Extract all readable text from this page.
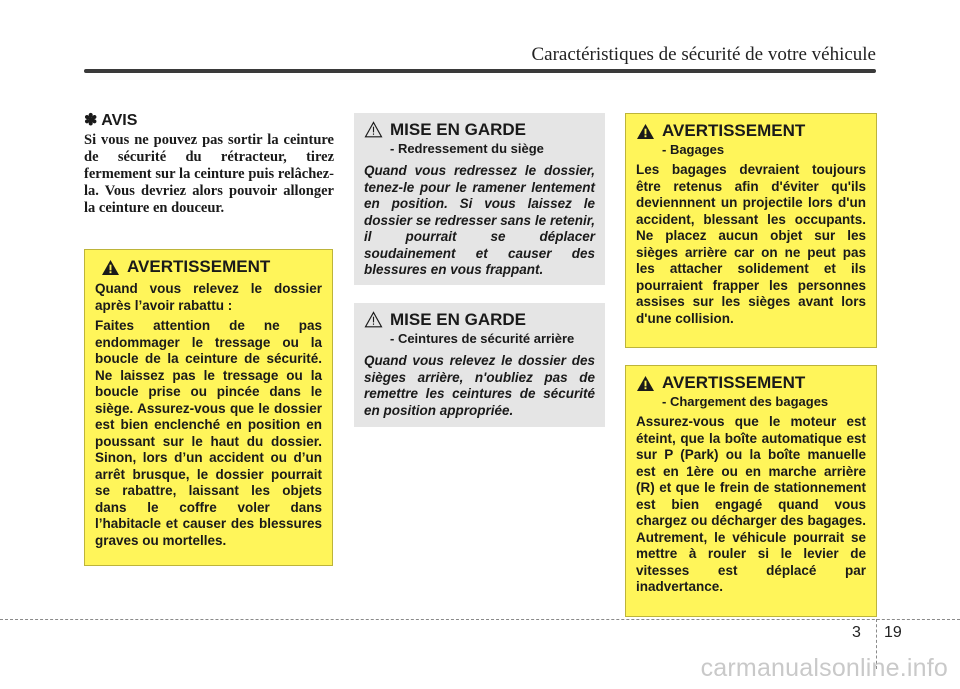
Caractéristiques de sécurité de votre véhicule
✽ AVIS
Si vous ne pouvez pas sortir la ceinture de sécurité du rétracteur, tirez fermement sur la ceinture puis relâchez-la. Vous devriez alors pouvoir allonger la ceinture en douceur.
AVERTISSEMENT

Quand vous relevez le dossier après l’avoir rabattu :

Faites attention de ne pas endommager le tressage ou la boucle de la ceinture de sécurité. Ne laissez pas le tressage ou la boucle prise ou pincée dans le siège. Assurez-vous que le dossier est bien enclenché en position en poussant sur le haut du dossier. Sinon, lors d’un accident ou d’un arrêt brusque, le dossier pourrait se rabattre, laissant les objets dans le coffre voler dans l’habitacle et causer des blessures graves ou mortelles.

MISE EN GARDE
- Redressement du siège
Quand vous redressez le dossier, tenez-le pour le ramener lentement en position. Si vous laissez le dossier se redresser sans le retenir, il pourrait se déplacer soudainement et causer des blessures en vous frappant.
MISE EN GARDE
- Ceintures de sécurité arrière
Quand vous relevez le dossier des sièges arrière, n'oubliez pas de remettre les ceintures de sécurité en position appropriée.
AVERTISSEMENT
- Bagages
Les bagages devraient toujours être retenus afin d'éviter qu'ils deviennnent un projectile lors d'un accident, blessant les occupants. Ne placez aucun objet sur les sièges arrière car on ne peut pas les attacher solidement et ils pourraient frapper les personnes assises sur les sièges avant lors d'une collision.
AVERTISSEMENT
- Chargement des bagages
Assurez-vous que le moteur est éteint, que la boîte automatique est sur P (Park) ou la boîte manuelle est en 1ère ou en marche arrière (R) et que le frein de stationnement est bien engagé quand vous chargez ou décharger des bagages. Autrement, le véhicule pourrait se mettre à rouler si le levier de vitesses est déplacé par inadvertance.
3 19
carmanualsonline.info
